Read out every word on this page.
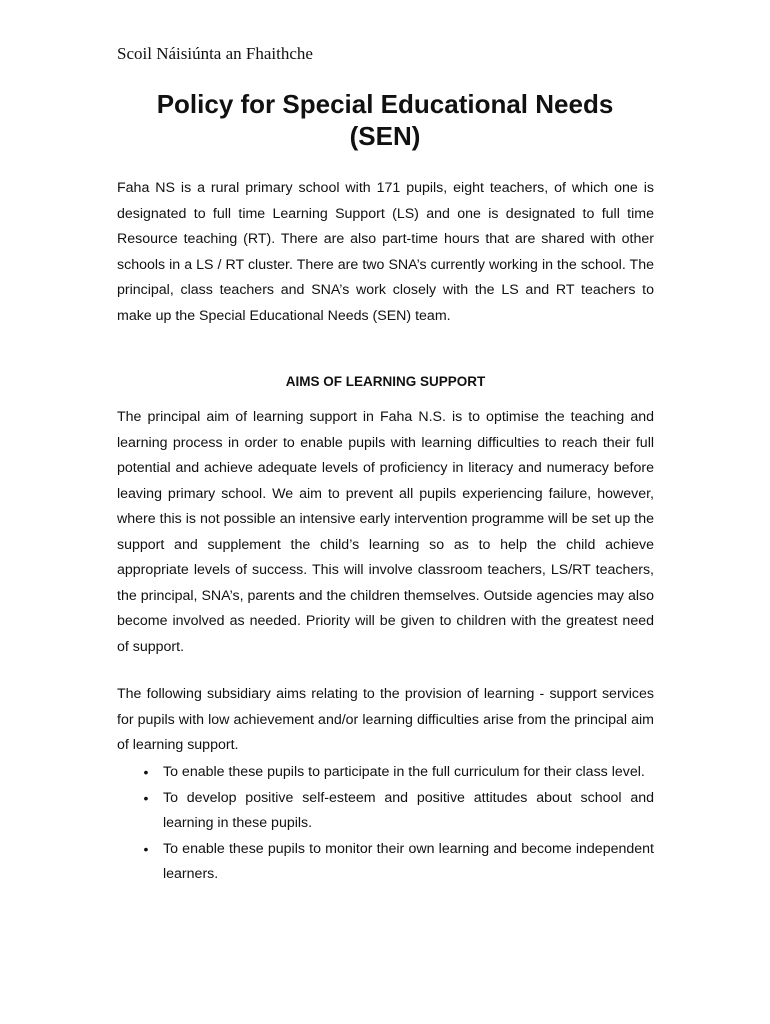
Scoil Náisiúnta an Fhaithche
Policy for Special Educational Needs
(SEN)

Faha NS is a rural primary school with 171 pupils, eight teachers, of which one is designated to full time Learning Support (LS) and one is designated to full time Resource teaching (RT). There are also part-time hours that are shared with other schools in a LS / RT cluster. There are two SNA’s currently working in the school. The principal, class teachers and SNA’s work closely with the LS and RT teachers to make up the Special Educational Needs (SEN) team.

AIMS OF LEARNING SUPPORT

The principal aim of learning support in Faha N.S. is to optimise the teaching and learning process in order to enable pupils with learning difficulties to reach their full potential and achieve adequate levels of proficiency in literacy and numeracy before leaving primary school. We aim to prevent all pupils experiencing failure, however, where this is not possible an intensive early intervention programme will be set up the support and supplement the child’s learning so as to help the child achieve appropriate levels of success. This will involve classroom teachers, LS/RT teachers, the principal, SNA’s, parents and the children themselves. Outside agencies may also become involved as needed. Priority will be given to children with the greatest need of support.

The following subsidiary aims relating to the provision of learning - support services for pupils with low achievement and/or learning difficulties arise from the principal aim of learning support.

• To enable these pupils to participate in the full curriculum for their class level.
• To develop positive self-esteem and positive attitudes about school and learning in these pupils.
• To enable these pupils to monitor their own learning and become independent learners.
